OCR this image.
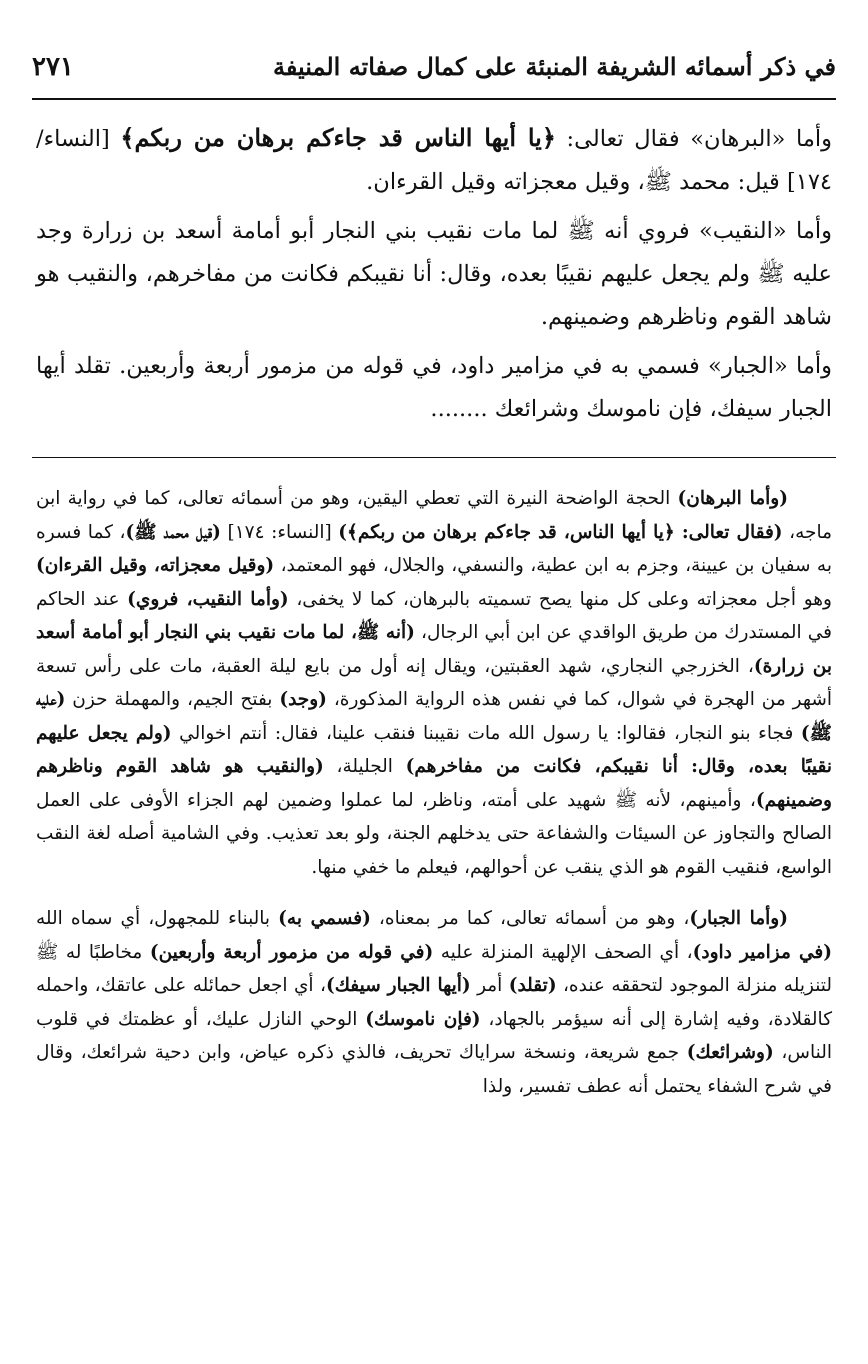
في ذكر أسمائه الشريفة المنبئة على كمال صفاته المنيفة
٢٧١

وأما «البرهان» فقال تعالى: ﴿يا أيها الناس قد جاءكم برهان من ربكم﴾ [النساء/ ١٧٤] قيل: محمد ﷺ، وقيل معجزاته وقيل القرءان.

وأما «النقيب» فروي أنه ﷺ لما مات نقيب بني النجار أبو أمامة أسعد بن زرارة وجد عليه ﷺ ولم يجعل عليهم نقيبًا بعده، وقال: أنا نقيبكم فكانت من مفاخرهم، والنقيب هو شاهد القوم وناظرهم وضمينهم.

وأما «الجبار» فسمي به في مزامير داود، في قوله من مزمور أربعة وأربعين. تقلد أيها الجبار سيفك، فإن ناموسك وشرائعك ........

(وأما البرهان) الحجة الواضحة النيرة التي تعطي اليقين، وهو من أسمائه تعالى، كما في رواية ابن ماجه، (فقال تعالى: ﴿يا أيها الناس، قد جاءكم برهان من ربكم﴾) [النساء: ١٧٤] (قيل محمد ﷺ)، كما فسره به سفيان بن عيينة، وجزم به ابن عطية، والنسفي، والجلال، فهو المعتمد، (وقيل معجزاته، وقيل القرءان) وهو أجل معجزاته وعلى كل منها يصح تسميته بالبرهان، كما لا يخفى، (وأما النقيب، فروي) عند الحاكم في المستدرك من طريق الواقدي عن ابن أبي الرجال، (أنه ﷺ، لما مات نقيب بني النجار أبو أمامة أسعد بن زرارة)، الخزرجي النجاري، شهد العقبتين، ويقال إنه أول من بايع ليلة العقبة، مات على رأس تسعة أشهر من الهجرة في شوال، كما في نفس هذه الرواية المذكورة، (وجد) بفتح الجيم، والمهملة حزن (عليه ﷺ) فجاء بنو النجار، فقالوا: يا رسول الله مات نقيبنا فنقب علينا، فقال: أنتم اخوالي (ولم يجعل عليهم نقيبًا بعده، وقال: أنا نقيبكم، فكانت من مفاخرهم) الجليلة، (والنقيب هو شاهد القوم وناظرهم وضمينهم)، وأمينهم، لأنه ﷺ شهيد على أمته، وناظر، لما عملوا وضمين لهم الجزاء الأوفى على العمل الصالح والتجاوز عن السيئات والشفاعة حتى يدخلهم الجنة، ولو بعد تعذيب. وفي الشامية أصله لغة النقب الواسع، فنقيب القوم هو الذي ينقب عن أحوالهم، فيعلم ما خفي منها.

(وأما الجبار)، وهو من أسمائه تعالى، كما مر بمعناه، (فسمي به) بالبناء للمجهول، أي سماه الله (في مزامير داود)، أي الصحف الإلهية المنزلة عليه (في قوله من مزمور أربعة وأربعين) مخاطبًا له ﷺ لتنزيله منزلة الموجود لتحققه عنده، (تقلد) أمر (أيها الجبار سيفك)، أي اجعل حمائله على عاتقك، واحمله كالقلادة، وفيه إشارة إلى أنه سيؤمر بالجهاد، (فإن ناموسك) الوحي النازل عليك، أو عظمتك في قلوب الناس، (وشرائعك) جمع شريعة، ونسخة سراياك تحريف، فالذي ذكره عياض، وابن دحية شرائعك، وقال في شرح الشفاء يحتمل أنه عطف تفسير، ولذا
